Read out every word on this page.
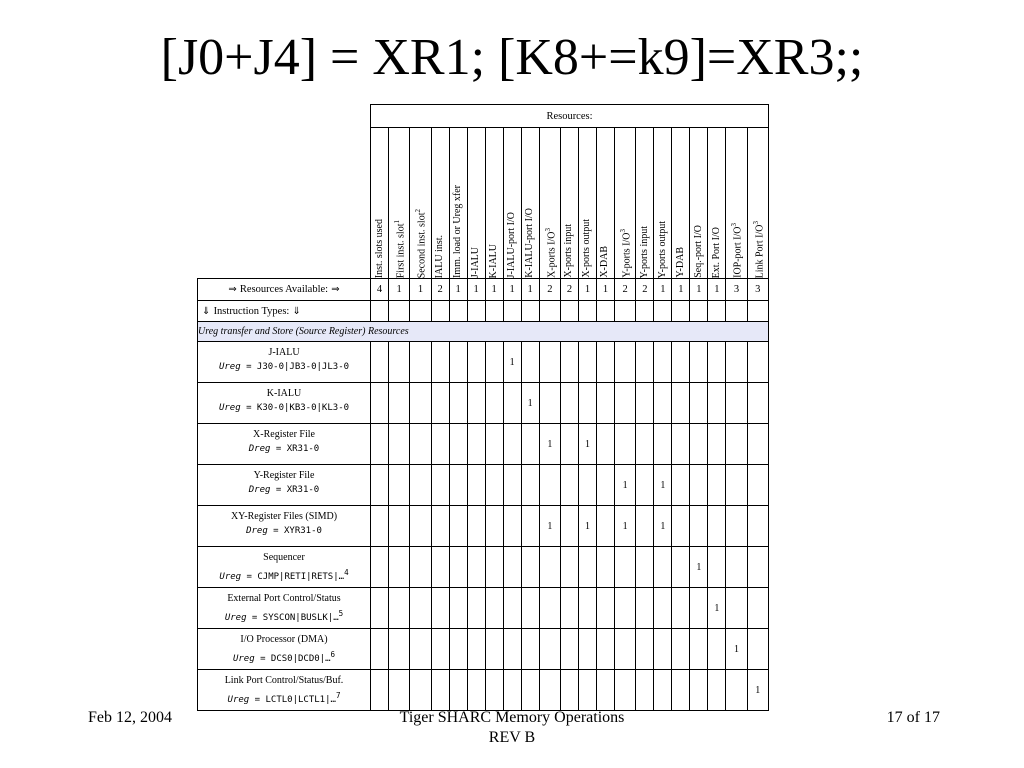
[J0+J4] = XR1; [K8+=k9]=XR3;;
	Resources:																				

	Inst. slots used	First inst. slot$^1$	Second inst. slot$^2$	IALU inst.	Imm. load or Ureg xfer	J-IALU	K-IALU	J-IALU-port I/O	K-IALU-port I/O	X-ports $I/O^3$	X-ports input	X-ports output	X-DAB	Y-ports $I/O^3$	Y-ports input	Y-ports output	Y-DAB	Seq.-port I/O	Ext. Port I/O	IOP-port $I/O^3$	Link Port $I/O^3$

⇒ Resources Available: ⇒	4	1	1	2	1	1	1	1	1	2	2	1	1	2	2	1	1	1	1	3	3
⇓ Instruction Types: ⇓																					
Ureg transfer and Store (Source Register) Resources																					

J-IALU
Ureg = J30-0|JB3-0|JL3-0								1													

K-IALU
Ureg = K30-0|KB3-0|KL3-0									1												

X-Register File
Dreg = XR31-0										1		1									

Y-Register File
Dreg = XR31-0														1		1					

XY-Register Files (SIMD)
Dreg = XYR31-0										1		1		1		1					

Sequencer
Ureg = CJMP|RETI|RETS|…$^4$																		1			

External Port Control/Status
Ureg = SYSCON|BUSLK|…$^5$																			1		

I/O Processor (DMA)
Ureg = DCS0|DCD0|…$^6$																				1	

Link Port Control/Status/Buf.
Ureg = LCTL0|LCTL1|…$^7$																					1
Feb 12, 2004	Tiger SHARC Memory Operations
REV B
17 of 17
